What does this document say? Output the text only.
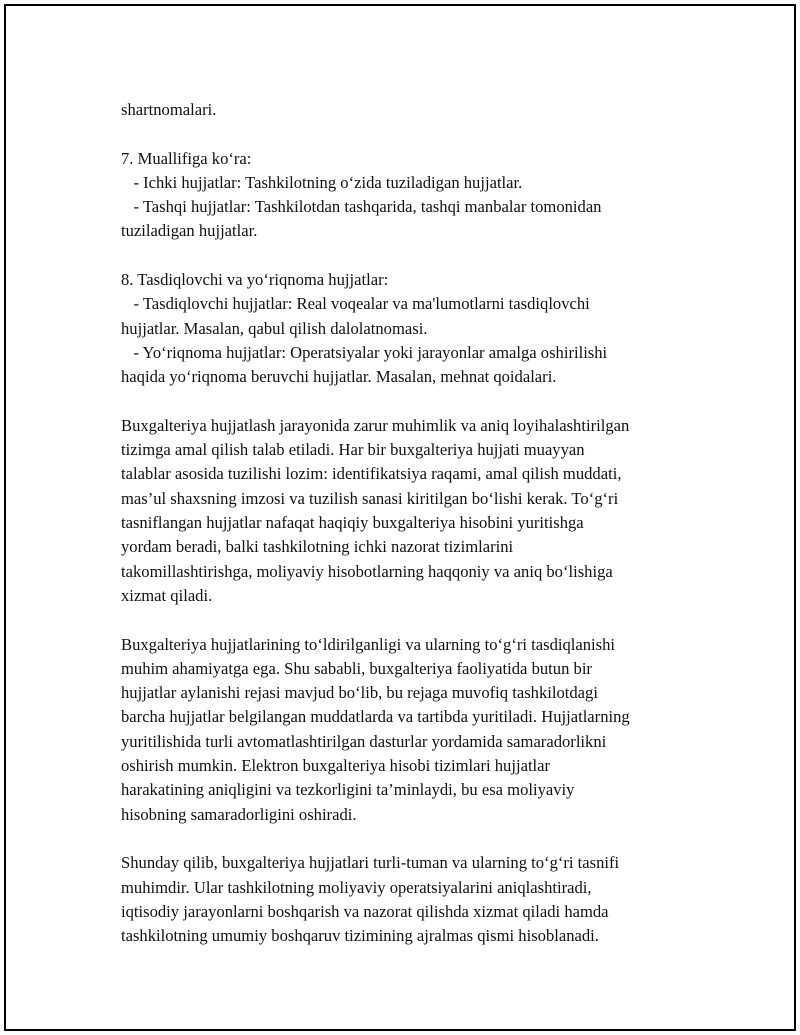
shartnomalari.
7. Muallifiga ko‘ra:
- Ichki hujjatlar: Tashkilotning o‘zida tuziladigan hujjatlar.
- Tashqi hujjatlar: Tashkilotdan tashqarida, tashqi manbalar tomonidan
tuziladigan hujjatlar.
8. Tasdiqlovchi va yo‘riqnoma hujjatlar:
- Tasdiqlovchi hujjatlar: Real voqealar va ma'lumotlarni tasdiqlovchi
hujjatlar. Masalan, qabul qilish dalolatnomasi.
- Yo‘riqnoma hujjatlar: Operatsiyalar yoki jarayonlar amalga oshirilishi
haqida yo‘riqnoma beruvchi hujjatlar. Masalan, mehnat qoidalari.
Buxgalteriya hujjatlash jarayonida zarur muhimlik va aniq loyihalashtirilgan
tizimga amal qilish talab etiladi. Har bir buxgalteriya hujjati muayyan
talablar asosida tuzilishi lozim: identifikatsiya raqami, amal qilish muddati,
mas’ul shaxsning imzosi va tuzilish sanasi kiritilgan bo‘lishi kerak. To‘g‘ri
tasniflangan hujjatlar nafaqat haqiqiy buxgalteriya hisobini yuritishga
yordam beradi, balki tashkilotning ichki nazorat tizimlarini
takomillashtirishga, moliyaviy hisobotlarning haqqoniy va aniq bo‘lishiga
xizmat qiladi.
Buxgalteriya hujjatlarining to‘ldirilganligi va ularning to‘g‘ri tasdiqlanishi
muhim ahamiyatga ega. Shu sababli, buxgalteriya faoliyatida butun bir
hujjatlar aylanishi rejasi mavjud bo‘lib, bu rejaga muvofiq tashkilotdagi
barcha hujjatlar belgilangan muddatlarda va tartibda yuritiladi. Hujjatlarning
yuritilishida turli avtomatlashtirilgan dasturlar yordamida samaradorlikni
oshirish mumkin. Elektron buxgalteriya hisobi tizimlari hujjatlar
harakatining aniqligini va tezkorligini ta’minlaydi, bu esa moliyaviy
hisobning samaradorligini oshiradi.
Shunday qilib, buxgalteriya hujjatlari turli-tuman va ularning to‘g‘ri tasnifi
muhimdir. Ular tashkilotning moliyaviy operatsiyalarini aniqlashtiradi,
iqtisodiy jarayonlarni boshqarish va nazorat qilishda xizmat qiladi hamda
tashkilotning umumiy boshqaruv tizimining ajralmas qismi hisoblanadi.
